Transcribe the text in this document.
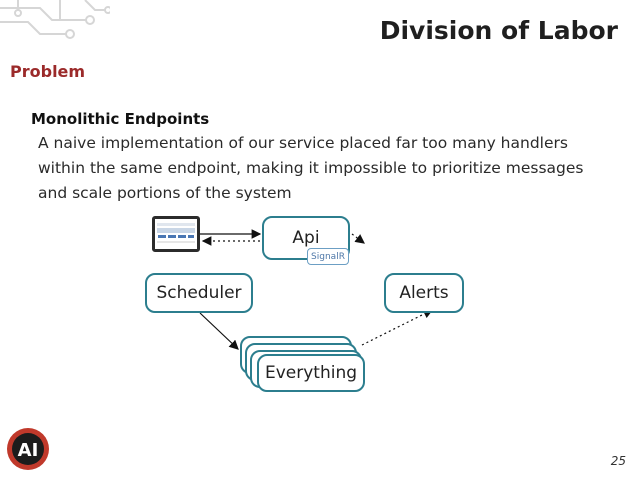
Division of Labor
Problem
Monolithic Endpoints
A naive implementation of our service placed far too many handlers within the same endpoint, making it impossible to prioritize messages and scale portions of the system
Api
SignalR
Scheduler	Alerts
Everything
AI	25
